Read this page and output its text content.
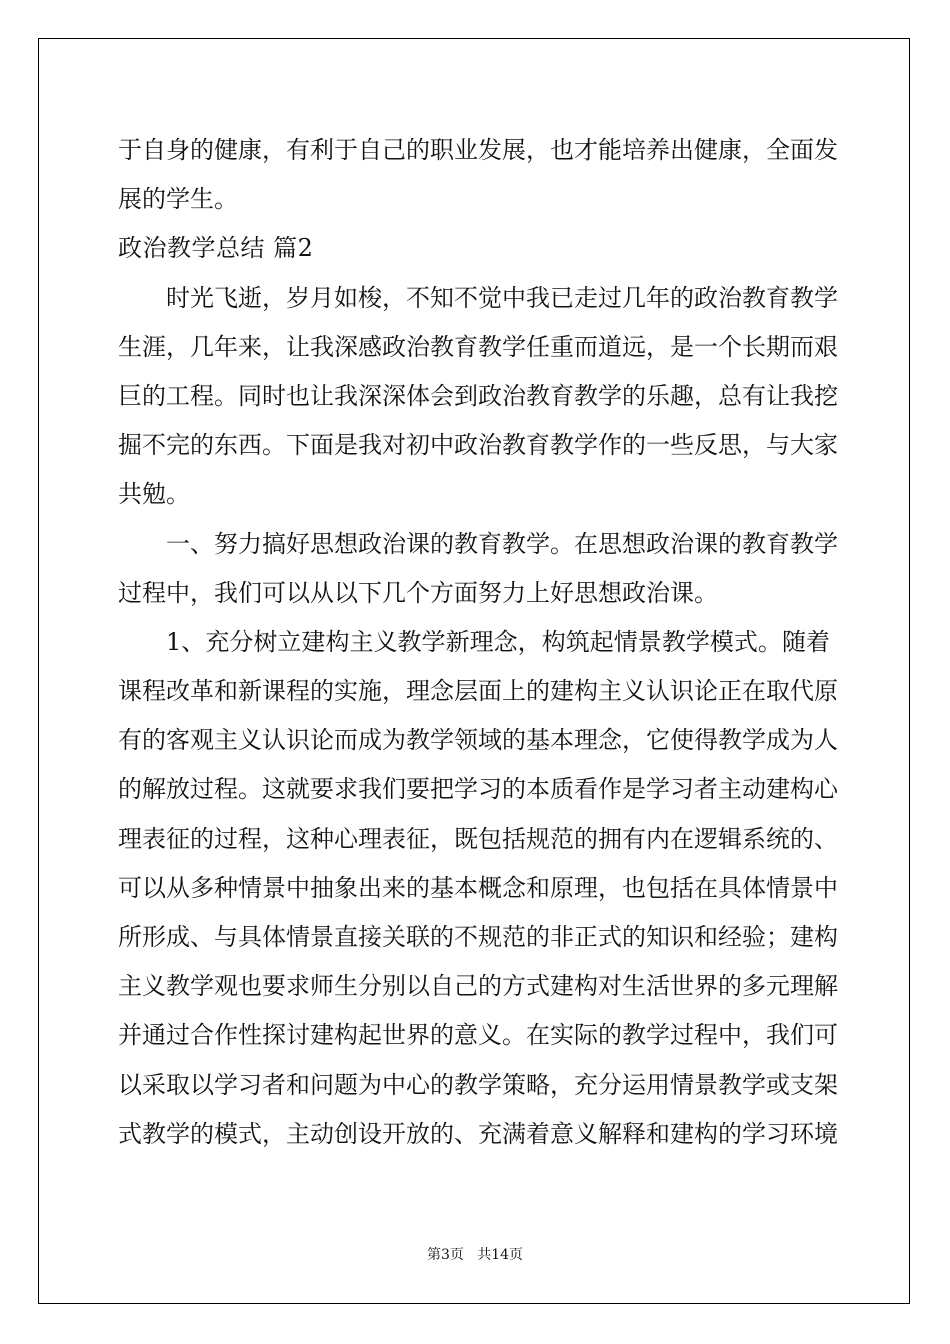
于自身的健康，有利于自己的职业发展，也才能培养出健康，全面发
展的学生。
政治教学总结 篇2
时光飞逝，岁月如梭，不知不觉中我已走过几年的政治教育教学
生涯，几年来，让我深感政治教育教学任重而道远，是一个长期而艰
巨的工程。同时也让我深深体会到政治教育教学的乐趣，总有让我挖
掘不完的东西。下面是我对初中政治教育教学作的一些反思，与大家
共勉。
一、努力搞好思想政治课的教育教学。在思想政治课的教育教学
过程中，我们可以从以下几个方面努力上好思想政治课。
1、充分树立建构主义教学新理念，构筑起情景教学模式。随着
课程改革和新课程的实施，理念层面上的建构主义认识论正在取代原
有的客观主义认识论而成为教学领域的基本理念，它使得教学成为人
的解放过程。这就要求我们要把学习的本质看作是学习者主动建构心
理表征的过程，这种心理表征，既包括规范的拥有内在逻辑系统的、
可以从多种情景中抽象出来的基本概念和原理，也包括在具体情景中
所形成、与具体情景直接关联的不规范的非正式的知识和经验；建构
主义教学观也要求师生分别以自己的方式建构对生活世界的多元理解
并通过合作性探讨建构起世界的意义。在实际的教学过程中，我们可
以采取以学习者和问题为中心的教学策略，充分运用情景教学或支架
式教学的模式，主动创设开放的、充满着意义解释和建构的学习环境
第3页   共14页
